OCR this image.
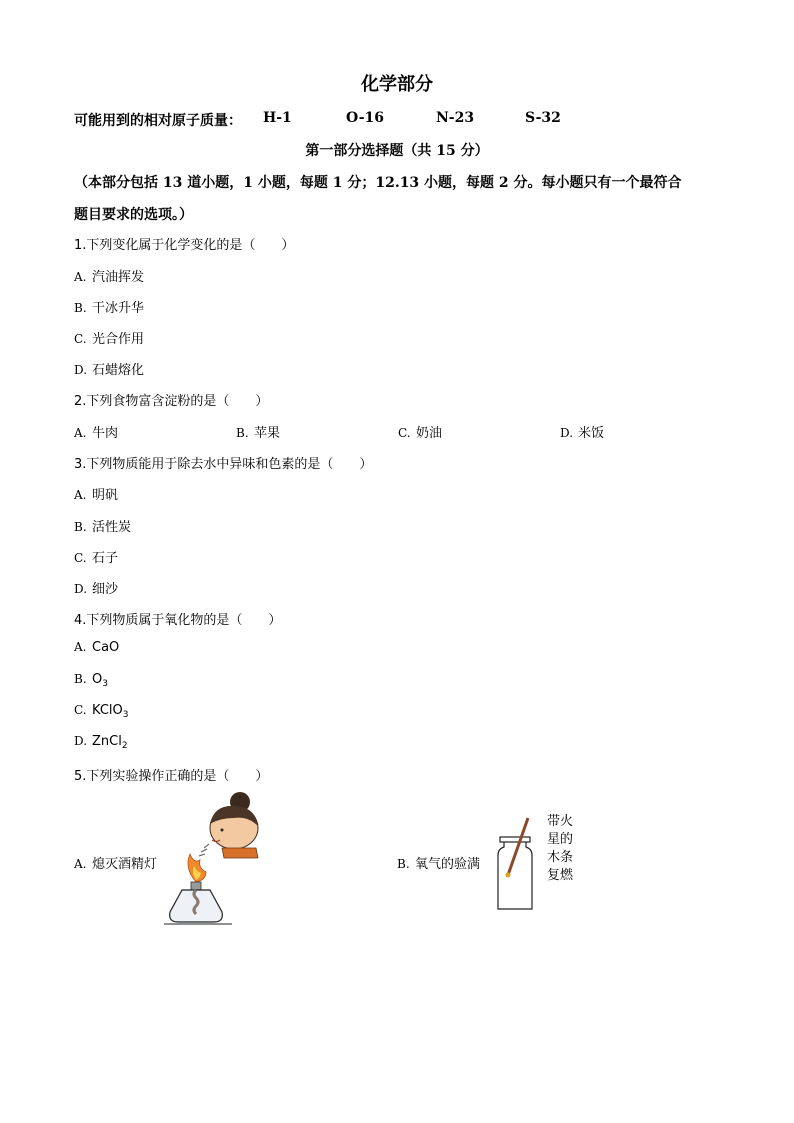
化学部分
可能用到的相对原子质量： H-1	O-16	N-23	S-32
第一部分选择题（共 15 分）
（本部分包括 13 道小题，1 小题，每题 1 分；12.13 小题，每题 2 分。每小题只有一个最符合
题目要求的选项。）
1.下列变化属于化学变化的是（　　）
A. 汽油挥发
B. 干冰升华
C. 光合作用
D. 石蜡熔化
2.下列食物富含淀粉的是（　　）
A. 牛肉	B. 苹果	C. 奶油	D. 米饭
3.下列物质能用于除去水中异味和色素的是（　　）
A. 明矾
B. 活性炭
C. 石子
D. 细沙
4.下列物质属于氧化物的是（　　）
A. CaO
B. $O_3$
C. KClO$_3$
D. ZnCl$_2$
5.下列实验操作正确的是（　　）
A. 熄灭酒精灯	B. 氧气的验满
带火
星的
木条
复燃
